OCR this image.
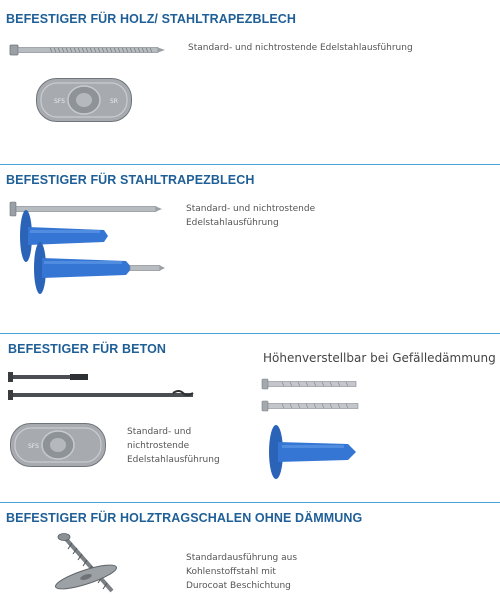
BEFESTIGER FÜR HOLZ/ STAHLTRAPEZBLECH
SFS	SR
Standard- und nichtrostende Edelstahlausführung
BEFESTIGER FÜR STAHLTRAPEZBLECH
Standard- und nichtrostende
Edelstahlausführung
BEFESTIGER FÜR BETON
Höhenverstellbar bei Gefälledämmung
SFS
Standard- und
nichtrostende
Edelstahlausführung
BEFESTIGER FÜR HOLZTRAGSCHALEN OHNE DÄMMUNG
Standardausführung aus
Kohlenstoffstahl mit
Durocoat Beschichtung
